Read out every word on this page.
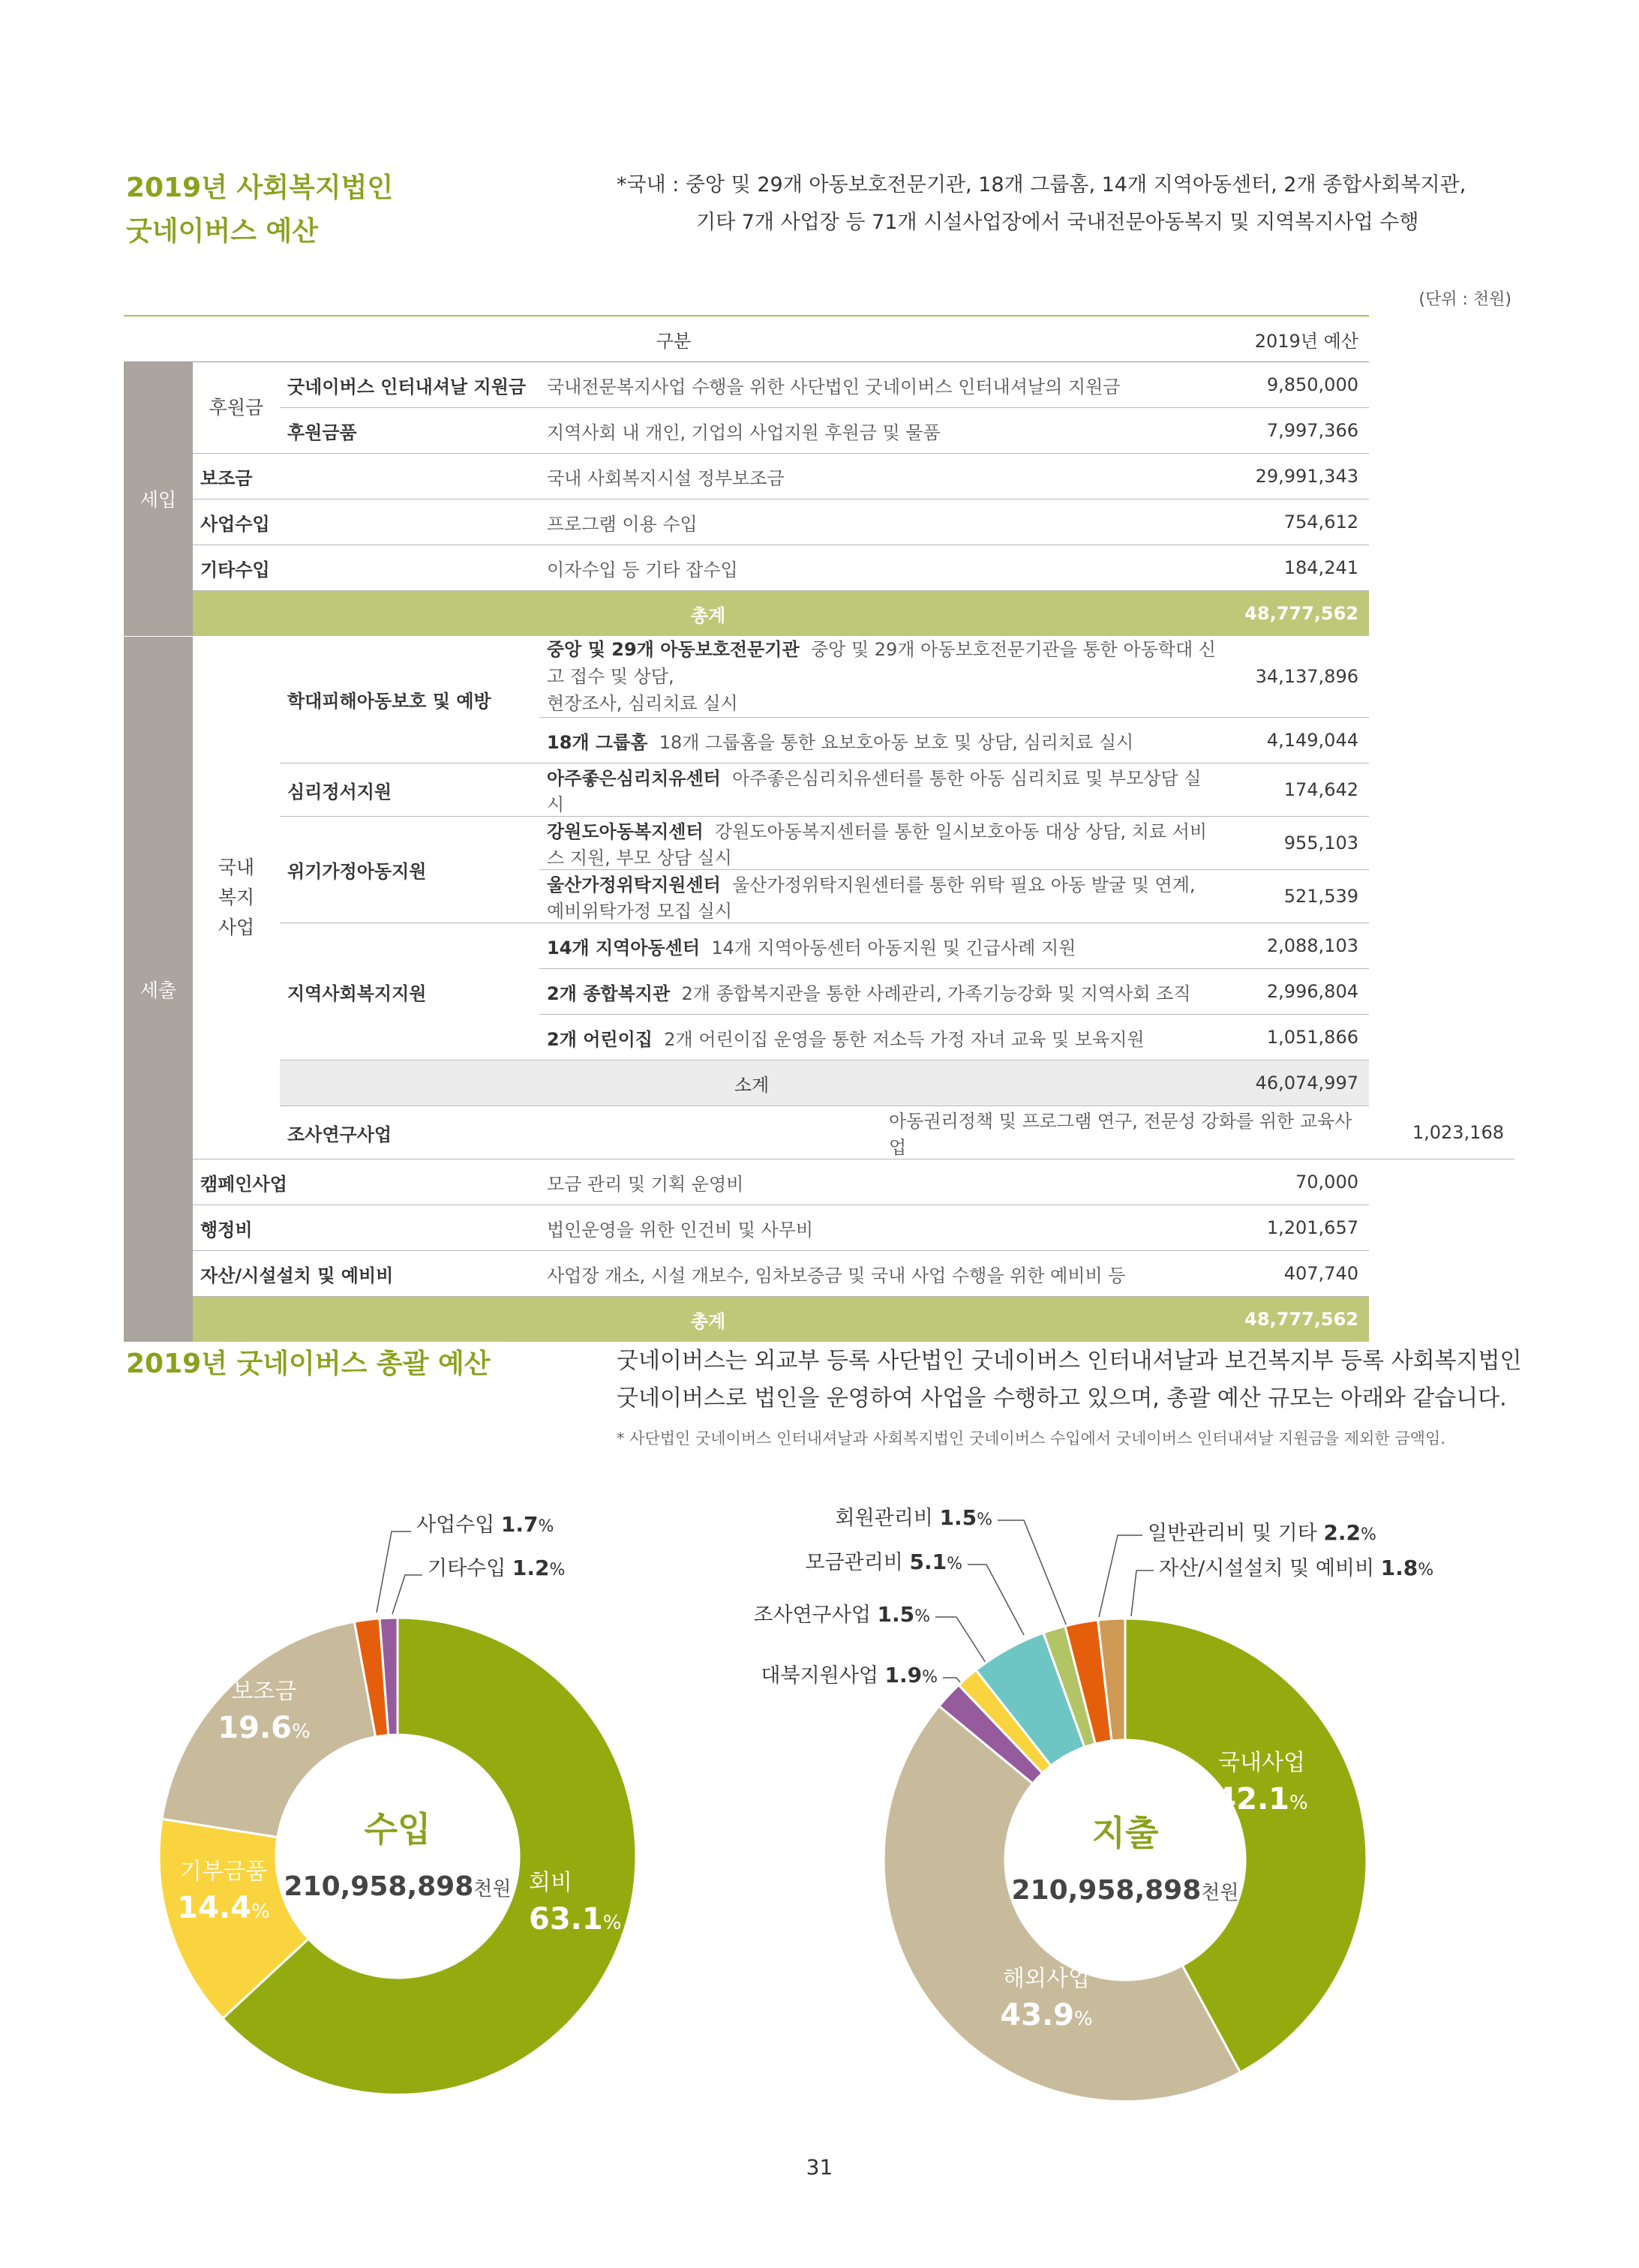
2019년 사회복지법인
굿네이버스 예산
*국내 : 중앙 및 29개 아동보호전문기관, 18개 그룹홈, 14개 지역아동센터, 2개 종합사회복지관,
기타 7개 사업장 등 71개 시설사업장에서 국내전문아동복지 및 지역복지사업 수행
(단위 : 천원)
구분					2019년 예산	
세입	후원금	굿네이버스 인터내셔날 지원금	국내전문복지사업 수행을 위한 사단법인 굿네이버스 인터내셔날의 지원금		9,850,000	
		후원금품	지역사회 내 개인, 기업의 사업지원 후원금 및 물품		7,997,366	
	보조금		국내 사회복지시설 정부보조금		29,991,343	
	사업수입		프로그램 이용 수입		754,612	
	기타수입		이자수입 등 기타 잡수입		184,241	
	총계				48,777,562	
세출	국내
복지
사업	학대피해아동보호 및 예방	중앙 및 29개 아동보호전문기관 중앙 및 29개 아동보호전문기관을 통한 아동학대 신고 접수 및 상담,
현장조사, 심리치료 실시		34,137,896	
			18개 그룹홈 18개 그룹홈을 통한 요보호아동 보호 및 상담, 심리치료 실시		4,149,044	
		심리정서지원	아주좋은심리치유센터 아주좋은심리치유센터를 통한 아동 심리치료 및 부모상담 실시		174,642	
		위기가정아동지원	강원도아동복지센터 강원도아동복지센터를 통한 일시보호아동 대상 상담, 치료 서비스 지원, 부모 상담 실시		955,103	
			울산가정위탁지원센터 울산가정위탁지원센터를 통한 위탁 필요 아동 발굴 및 연계, 예비위탁가정 모집 실시		521,539	
		지역사회복지지원	14개 지역아동센터 14개 지역아동센터 아동지원 및 긴급사례 지원		2,088,103	
			2개 종합복지관 2개 종합복지관을 통한 사례관리, 가족기능강화 및 지역사회 조직		2,996,804	
			2개 어린이집 2개 어린이집 운영을 통한 저소득 가정 자녀 교육 및 보육지원		1,051,866	
		소계			46,074,997	
		조사연구사업		아동권리정책 및 프로그램 연구, 전문성 강화를 위한 교육사업		1,023,168
	캠페인사업		모금 관리 및 기획 운영비		70,000	
	행정비		법인운영을 위한 인건비 및 사무비		1,201,657	
	자산/시설설치 및 예비비		사업장 개소, 시설 개보수, 임차보증금 및 국내 사업 수행을 위한 예비비 등		407,740	
	총계				48,777,562	
2019년 굿네이버스 총괄 예산	굿네이버스는 외교부 등록 사단법인 굿네이버스 인터내셔날과 보건복지부 등록 사회복지법인
굿네이버스로 법인을 운영하여 사업을 수행하고 있으며, 총괄 예산 규모는 아래와 같습니다.
* 사단법인 굿네이버스 인터내셔날과 사회복지법인 굿네이버스 수입에서 굿네이버스 인터내셔날 지원금을 제외한 금액임.
회비 63.1%
기부금품 14.4%
보조금 19.6%
사업수입 1.7%
기타수입 1.2%
수입
210,958,898천원
국내사업 42.1%
해외사업 43.9%
대북지원사업 1.9%
조사연구사업 1.5%
모금관리비 5.1%
회원관리비 1.5%
일반관리비 및 기타 2.2%
자산/시설설치 및 예비비 1.8%
지출
210,958,898천원
31
